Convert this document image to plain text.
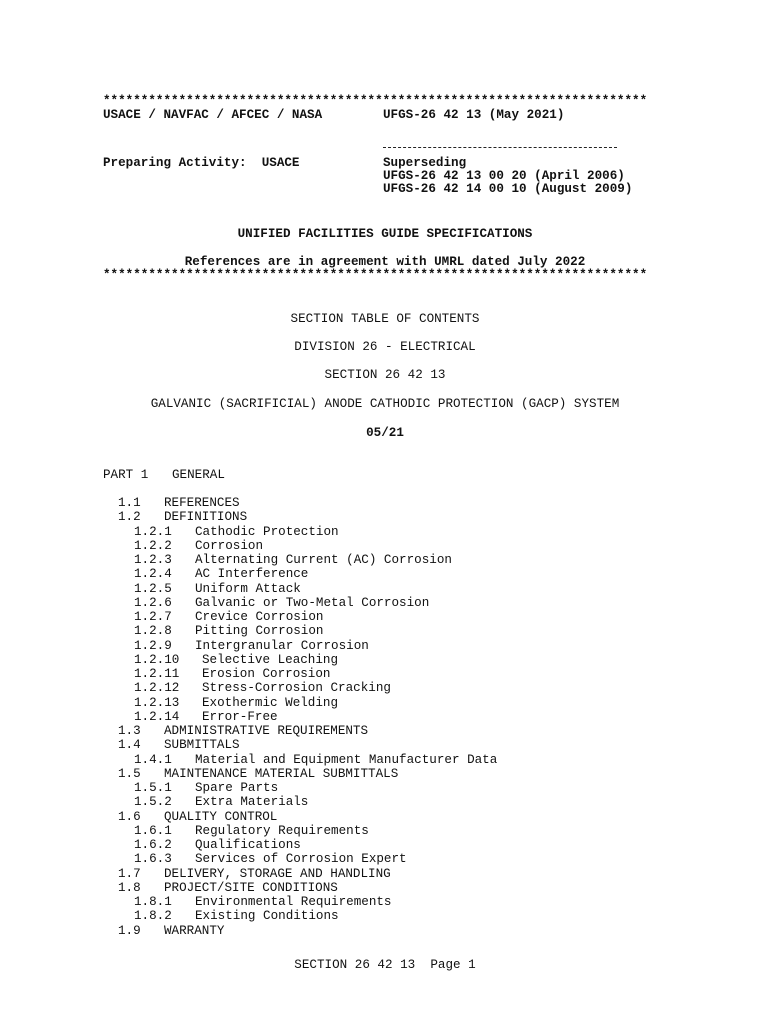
************************************************************************
USACE / NAVFAC / AFCEC / NASA	UFGS-26 42 13 (May 2021)
Preparing Activity:  USACE	Superseding
UFGS-26 42 13 00 20 (April 2006)
UFGS-26 42 14 00 10 (August 2009)
UNIFIED FACILITIES GUIDE SPECIFICATIONS
References are in agreement with UMRL dated July 2022
************************************************************************
SECTION TABLE OF CONTENTS
DIVISION 26 - ELECTRICAL
SECTION 26 42 13
GALVANIC (SACRIFICIAL) ANODE CATHODIC PROTECTION (GACP) SYSTEM
05/21
PART 1 GENERAL
1.1 REFERENCES
1.2 DEFINITIONS
1.2.1 Cathodic Protection
1.2.2 Corrosion
1.2.3 Alternating Current (AC) Corrosion
1.2.4 AC Interference
1.2.5 Uniform Attack
1.2.6 Galvanic or Two-Metal Corrosion
1.2.7 Crevice Corrosion
1.2.8 Pitting Corrosion
1.2.9 Intergranular Corrosion
1.2.10 Selective Leaching
1.2.11 Erosion Corrosion
1.2.12 Stress-Corrosion Cracking
1.2.13 Exothermic Welding
1.2.14 Error-Free
1.3 ADMINISTRATIVE REQUIREMENTS
1.4 SUBMITTALS
1.4.1 Material and Equipment Manufacturer Data
1.5 MAINTENANCE MATERIAL SUBMITTALS
1.5.1 Spare Parts
1.5.2 Extra Materials
1.6 QUALITY CONTROL
1.6.1 Regulatory Requirements
1.6.2 Qualifications
1.6.3 Services of Corrosion Expert
1.7 DELIVERY, STORAGE AND HANDLING
1.8 PROJECT/SITE CONDITIONS
1.8.1 Environmental Requirements
1.8.2 Existing Conditions
1.9 WARRANTY
SECTION 26 42 13  Page 1
